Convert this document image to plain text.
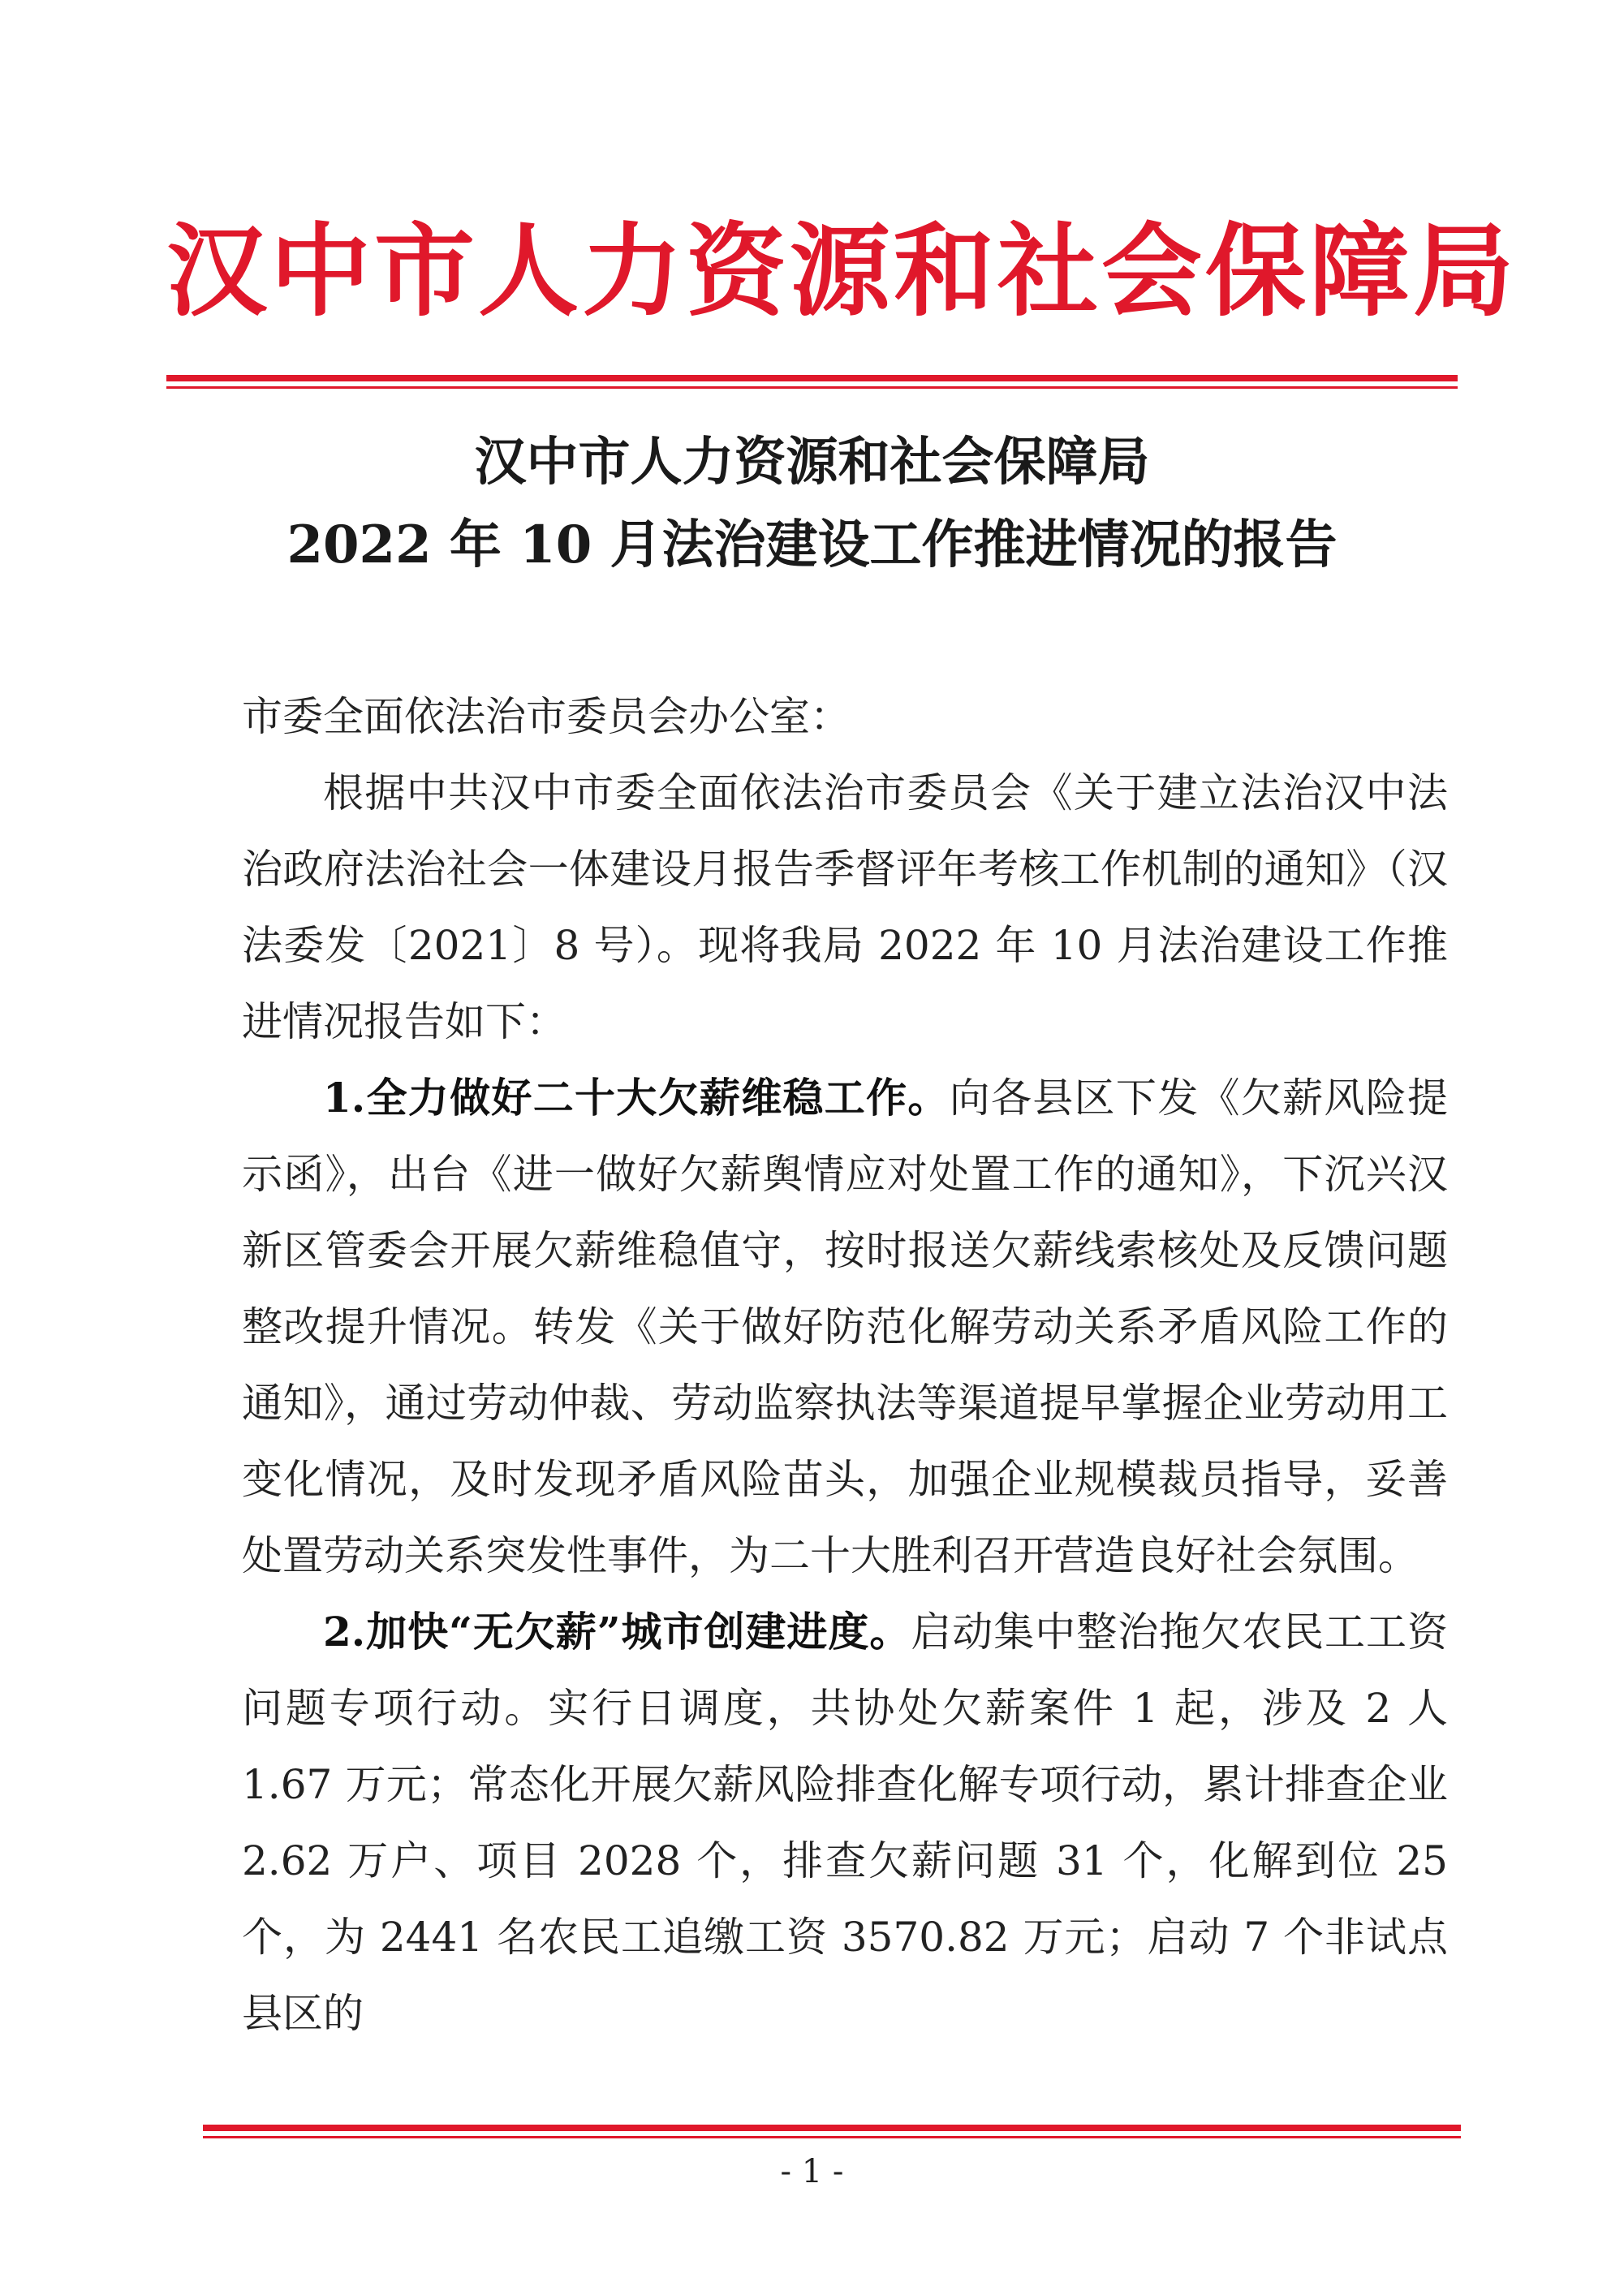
汉中市人力资源和社会保障局
汉中市人力资源和社会保障局
2022 年 10 月法治建设工作推进情况的报告

市委全面依法治市委员会办公室：

根据中共汉中市委全面依法治市委员会《关于建立法治汉中法治政府法治社会一体建设月报告季督评年考核工作机制的通知》（汉法委发〔2021〕8 号）。现将我局 2022 年 10 月法治建设工作推进情况报告如下：

1.全力做好二十大欠薪维稳工作。向各县区下发《欠薪风险提示函》，出台《进一做好欠薪舆情应对处置工作的通知》，下沉兴汉新区管委会开展欠薪维稳值守，按时报送欠薪线索核处及反馈问题整改提升情况。转发《关于做好防范化解劳动关系矛盾风险工作的通知》，通过劳动仲裁、劳动监察执法等渠道提早掌握企业劳动用工变化情况，及时发现矛盾风险苗头，加强企业规模裁员指导，妥善处置劳动关系突发性事件，为二十大胜利召开营造良好社会氛围。

2.加快“无欠薪”城市创建进度。启动集中整治拖欠农民工工资问题专项行动。实行日调度，共协处欠薪案件 1 起，涉及 2 人 1.67 万元；常态化开展欠薪风险排查化解专项行动，累计排查企业 2.62 万户、项目 2028 个，排查欠薪问题 31 个，化解到位 25 个，为 2441 名农民工追缴工资 3570.82 万元；启动 7 个非试点县区的

- 1 -
